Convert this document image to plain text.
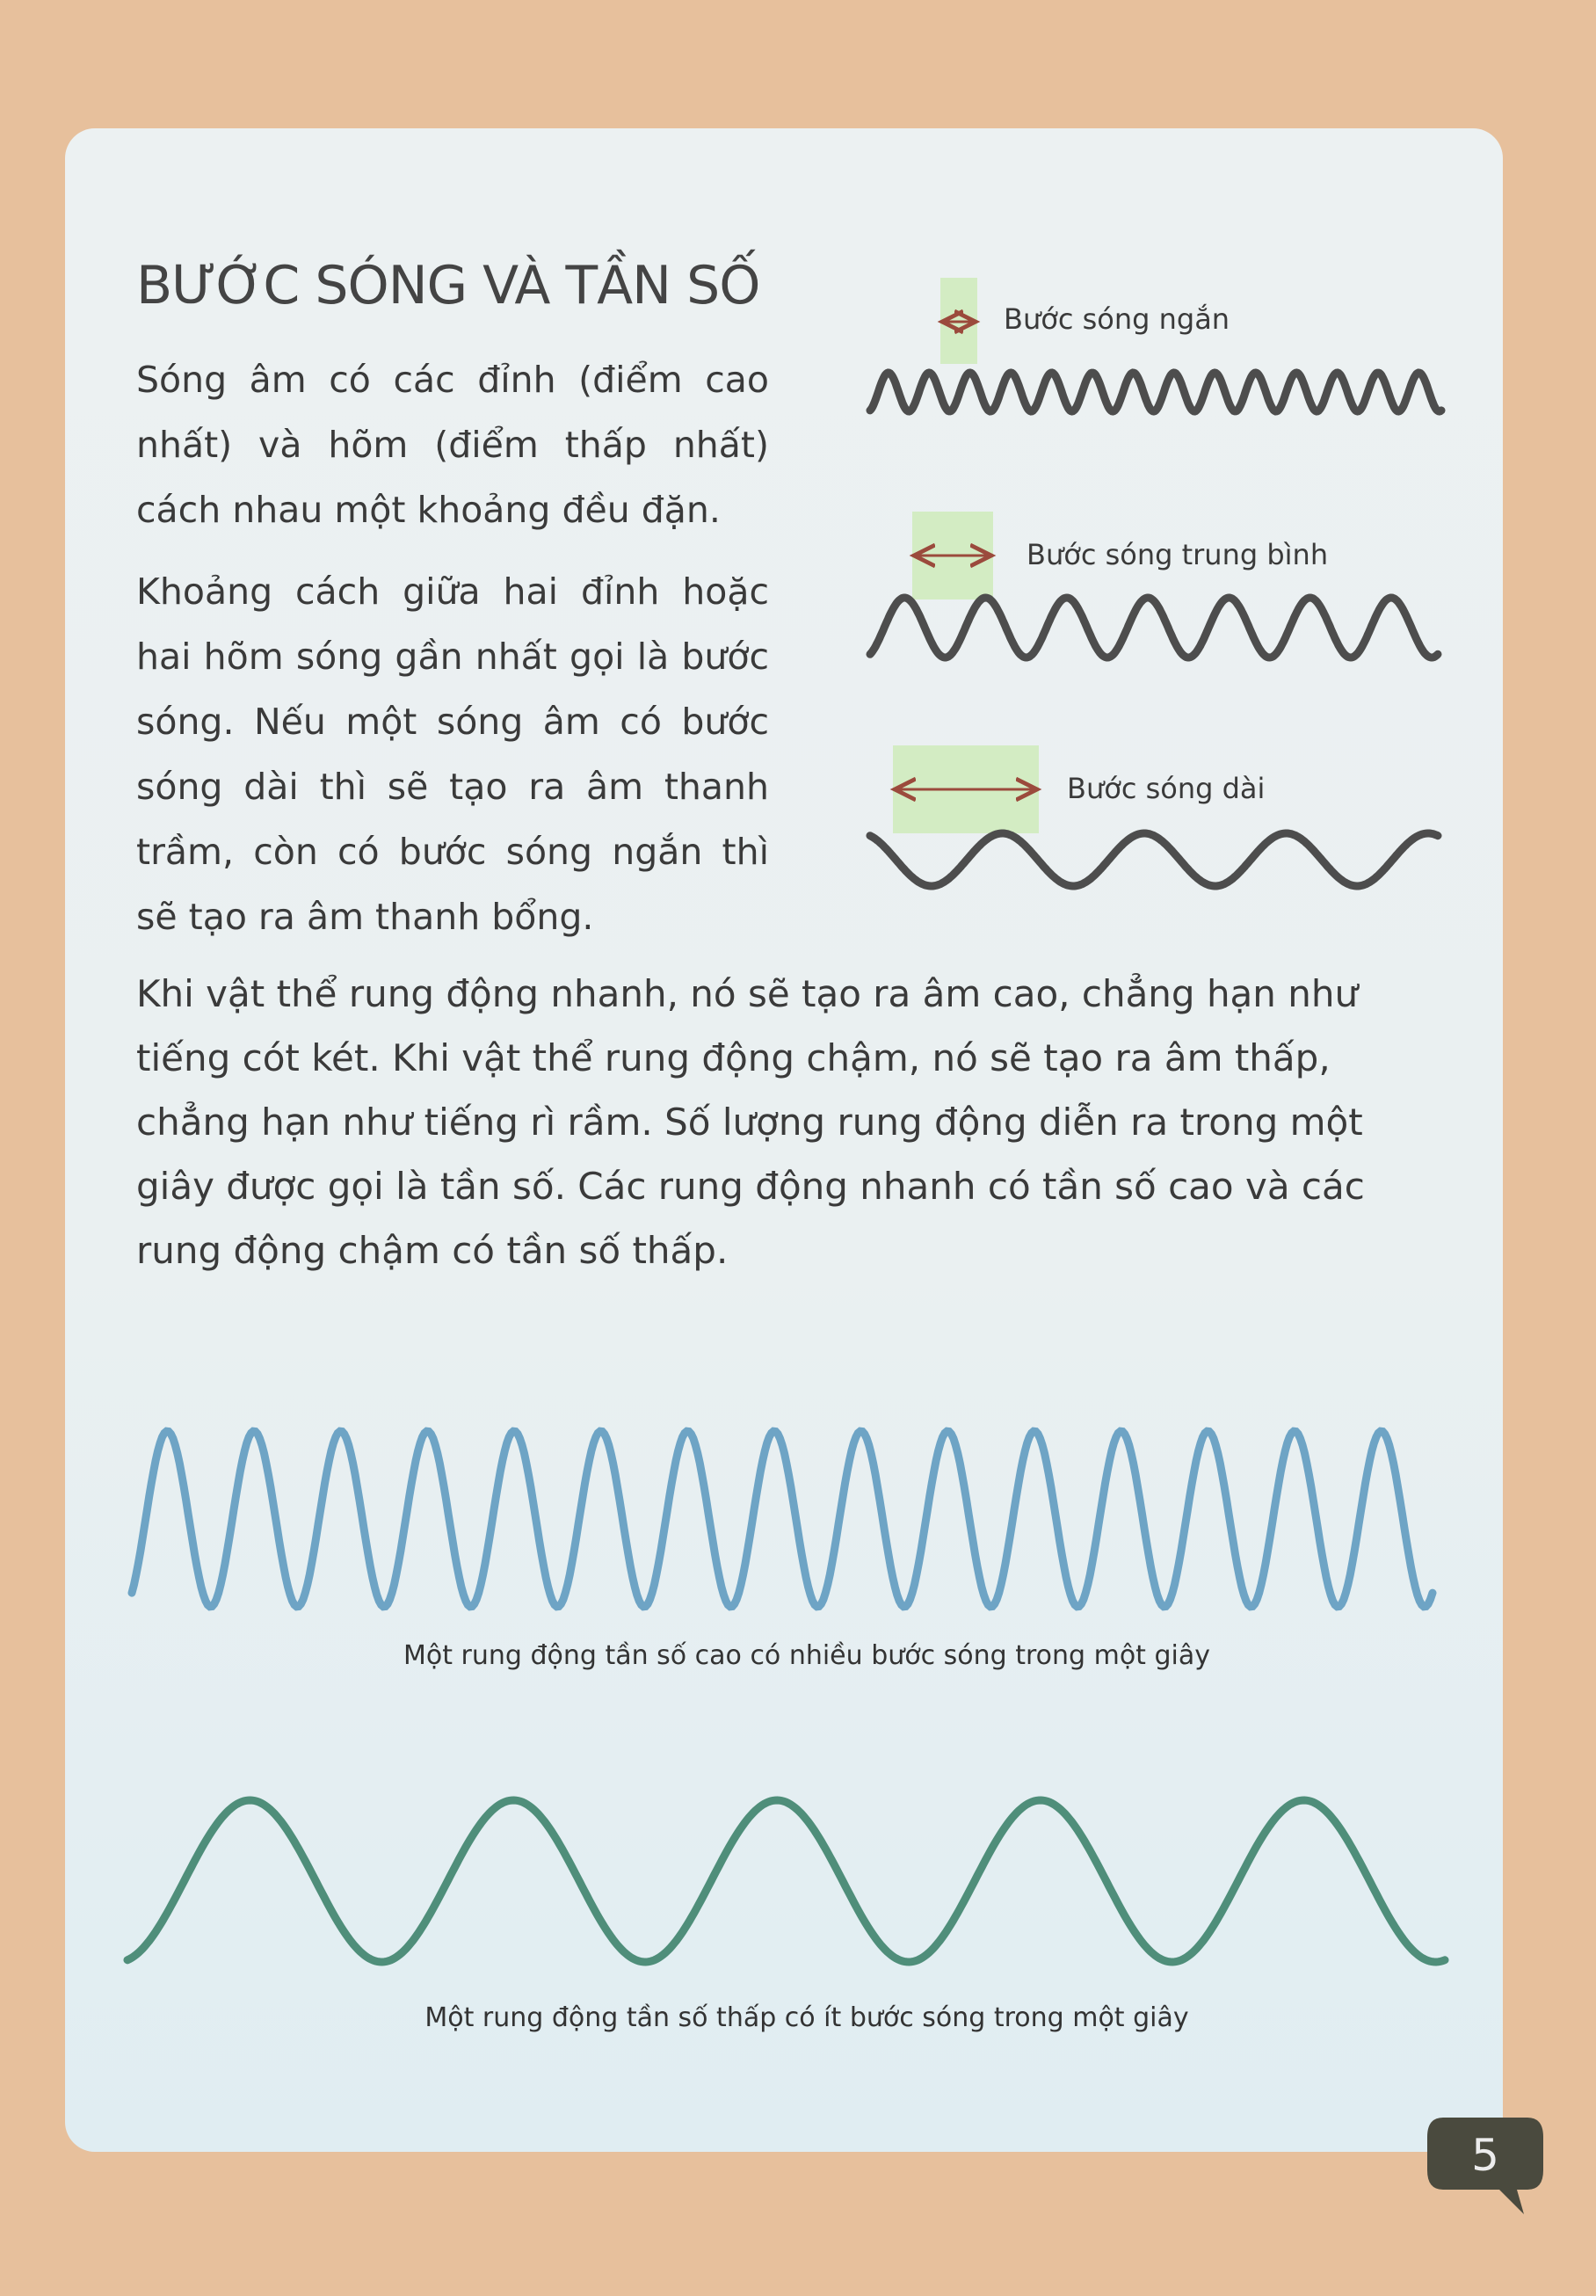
BƯỚC SÓNG VÀ TẦN SỐ

Sóng âm có các đỉnh (điểm cao nhất) và hõm (điểm thấp nhất) cách nhau một khoảng đều đặn.

Khoảng cách giữa hai đỉnh hoặc hai hõm sóng gần nhất gọi là bước sóng. Nếu một sóng âm có bước sóng dài thì sẽ tạo ra âm thanh trầm, còn có bước sóng ngắn thì sẽ tạo ra âm thanh bổng.

Khi vật thể rung động nhanh, nó sẽ tạo ra âm cao, chẳng hạn như tiếng cót két. Khi vật thể rung động chậm, nó sẽ tạo ra âm thấp, chẳng hạn như tiếng rì rầm. Số lượng rung động diễn ra trong một giây được gọi là tần số. Các rung động nhanh có tần số cao và các rung động chậm có tần số thấp.

Bước sóng ngắn

Bước sóng trung bình

Bước sóng dài

Một rung động tần số cao có nhiều bước sóng trong một giây

Một rung động tần số thấp có ít bước sóng trong một giây

5
